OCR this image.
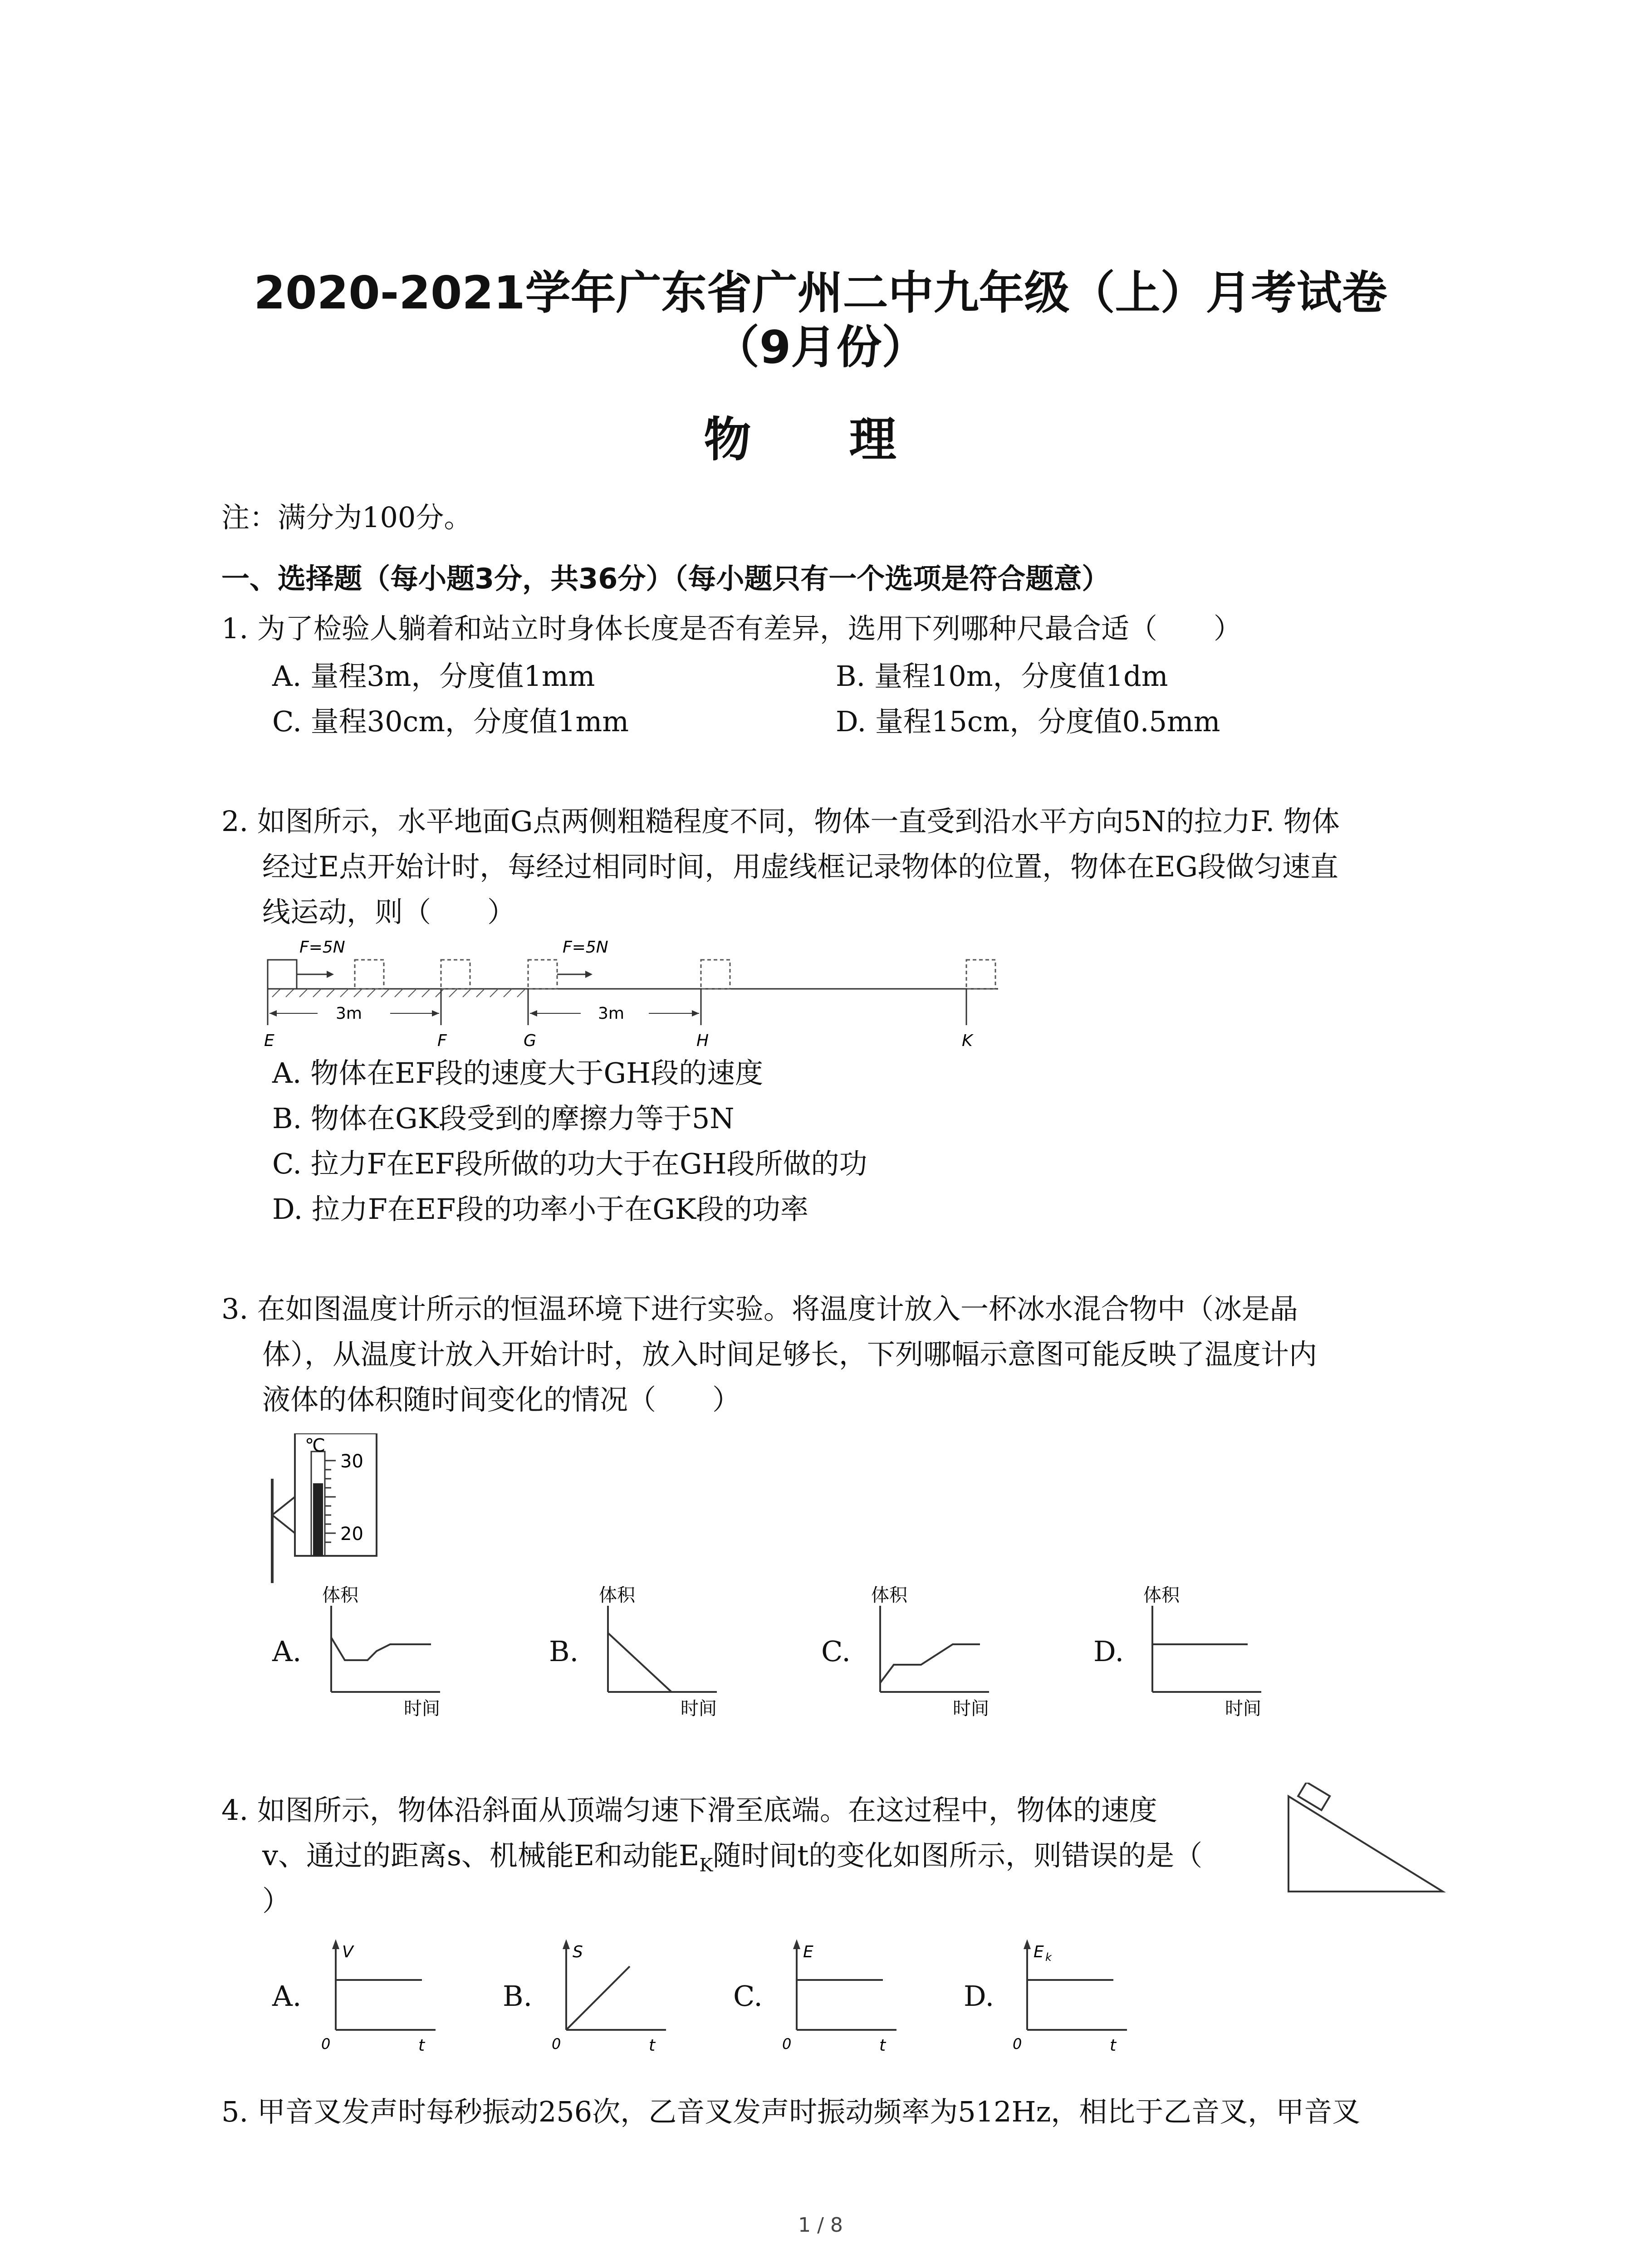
2020-2021学年广东省广州二中九年级（上）月考试卷
（9月份）
物 理
注：满分为100分。
一、选择题（每小题3分，共36分）（每小题只有一个选项是符合题意）
1. 为了检验人躺着和站立时身体长度是否有差异，选用下列哪种尺最合适（　　）
A. 量程3m，分度值1mm	B. 量程10m，分度值1dm
C. 量程30cm，分度值1mm	D. 量程15cm，分度值0.5mm
2. 如图所示，水平地面G点两侧粗糙程度不同，物体一直受到沿水平方向5N的拉力F. 物体
经过E点开始计时，每经过相同时间，用虚线框记录物体的位置，物体在EG段做匀速直
线运动，则（　　）
F=5N	F=5N
3m	3m
E	F	G	H	K
A. 物体在EF段的速度大于GH段的速度
B. 物体在GK段受到的摩擦力等于5N
C. 拉力F在EF段所做的功大于在GH段所做的功
D. 拉力F在EF段的功率小于在GK段的功率
3. 在如图温度计所示的恒温环境下进行实验。将温度计放入一杯冰水混合物中（冰是晶
体），从温度计放入开始计时，放入时间足够长，下列哪幅示意图可能反映了温度计内
液体的体积随时间变化的情况（　　）
℃
30
20
A.
体积
时间
B.
体积
时间
C.
体积
时间
D.
体积
时间
4. 如图所示，物体沿斜面从顶端匀速下滑至底端。在这过程中，物体的速度
v、通过的距离s、机械能E和动能$E_K$随时间t的变化如图所示，则错误的是（
）
A.
V
0	t
B.
S
0	t
C.
E
0	t
D.
E k
0	t
5. 甲音叉发声时每秒振动256次，乙音叉发声时振动频率为512Hz，相比于乙音叉，甲音叉
1 / 8
